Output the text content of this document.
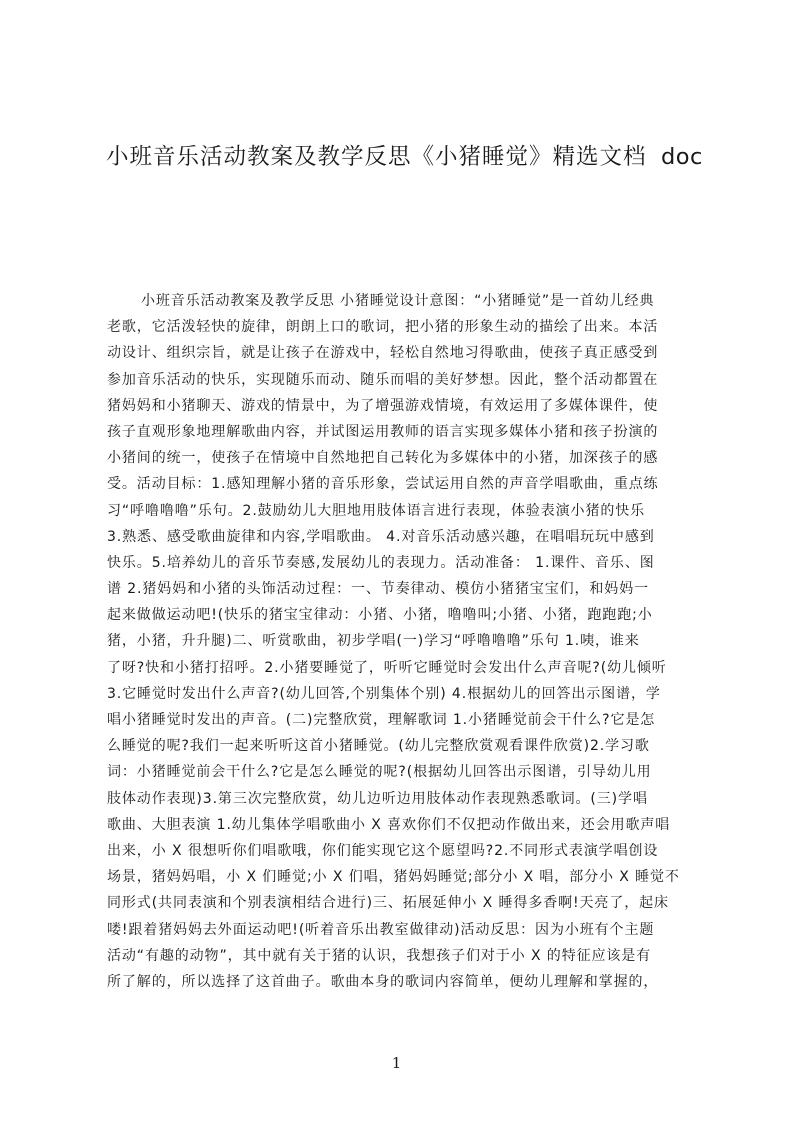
小班音乐活动教案及教学反思《小猪睡觉》精选文档 doc
小班音乐活动教案及教学反思 小猪睡觉设计意图：“小猪睡觉”是一首幼儿经典
老歌，它活泼轻快的旋律，朗朗上口的歌词，把小猪的形象生动的描绘了出来。本活
动设计、组织宗旨，就是让孩子在游戏中，轻松自然地习得歌曲，使孩子真正感受到
参加音乐活动的快乐，实现随乐而动、随乐而唱的美好梦想。因此，整个活动都置在
猪妈妈和小猪聊天、游戏的情景中，为了增强游戏情境，有效运用了多媒体课件，使
孩子直观形象地理解歌曲内容，并试图运用教师的语言实现多媒体小猪和孩子扮演的
小猪间的统一，使孩子在情境中自然地把自己转化为多媒体中的小猪，加深孩子的感
受。活动目标：1.感知理解小猪的音乐形象，尝试运用自然的声音学唱歌曲，重点练
习“呼噜噜噜”乐句。2.鼓励幼儿大胆地用肢体语言进行表现，体验表演小猪的快乐
3.熟悉、感受歌曲旋律和内容,学唱歌曲。 4.对音乐活动感兴趣，在唱唱玩玩中感到
快乐。5.培养幼儿的音乐节奏感,发展幼儿的表现力。活动准备： 1.课件、音乐、图
谱 2.猪妈妈和小猪的头饰活动过程：一、节奏律动、模仿小猪猪宝宝们，和妈妈一
起来做做运动吧!(快乐的猪宝宝律动：小猪、小猪，噜噜叫;小猪、小猪，跑跑跑;小
猪，小猪，升升腿)二、听赏歌曲，初步学唱(一)学习“呼噜噜噜”乐句 1.咦，谁来
了呀?快和小猪打招呼。2.小猪要睡觉了，听听它睡觉时会发出什么声音呢?(幼儿倾听
3.它睡觉时发出什么声音?(幼儿回答,个别集体个别) 4.根据幼儿的回答出示图谱，学
唱小猪睡觉时发出的声音。(二)完整欣赏，理解歌词 1.小猪睡觉前会干什么?它是怎
么睡觉的呢?我们一起来听听这首小猪睡觉。(幼儿完整欣赏观看课件欣赏)2.学习歌
词：小猪睡觉前会干什么?它是怎么睡觉的呢?(根据幼儿回答出示图谱，引导幼儿用
肢体动作表现)3.第三次完整欣赏，幼儿边听边用肢体动作表现熟悉歌词。(三)学唱
歌曲、大胆表演 1.幼儿集体学唱歌曲小 X 喜欢你们不仅把动作做出来，还会用歌声唱
出来，小 X 很想听你们唱歌哦，你们能实现它这个愿望吗?2.不同形式表演学唱创设
场景，猪妈妈唱，小 X 们睡觉;小 X 们唱，猪妈妈睡觉;部分小 X 唱，部分小 X 睡觉不
同形式(共同表演和个别表演相结合进行)三、拓展延伸小 X 睡得多香啊!天亮了，起床
喽!跟着猪妈妈去外面运动吧!(听着音乐出教室做律动)活动反思：因为小班有个主题
活动“有趣的动物”，其中就有关于猪的认识，我想孩子们对于小 X 的特征应该是有
所了解的，所以选择了这首曲子。歌曲本身的歌词内容简单，便幼儿理解和掌握的，
1
